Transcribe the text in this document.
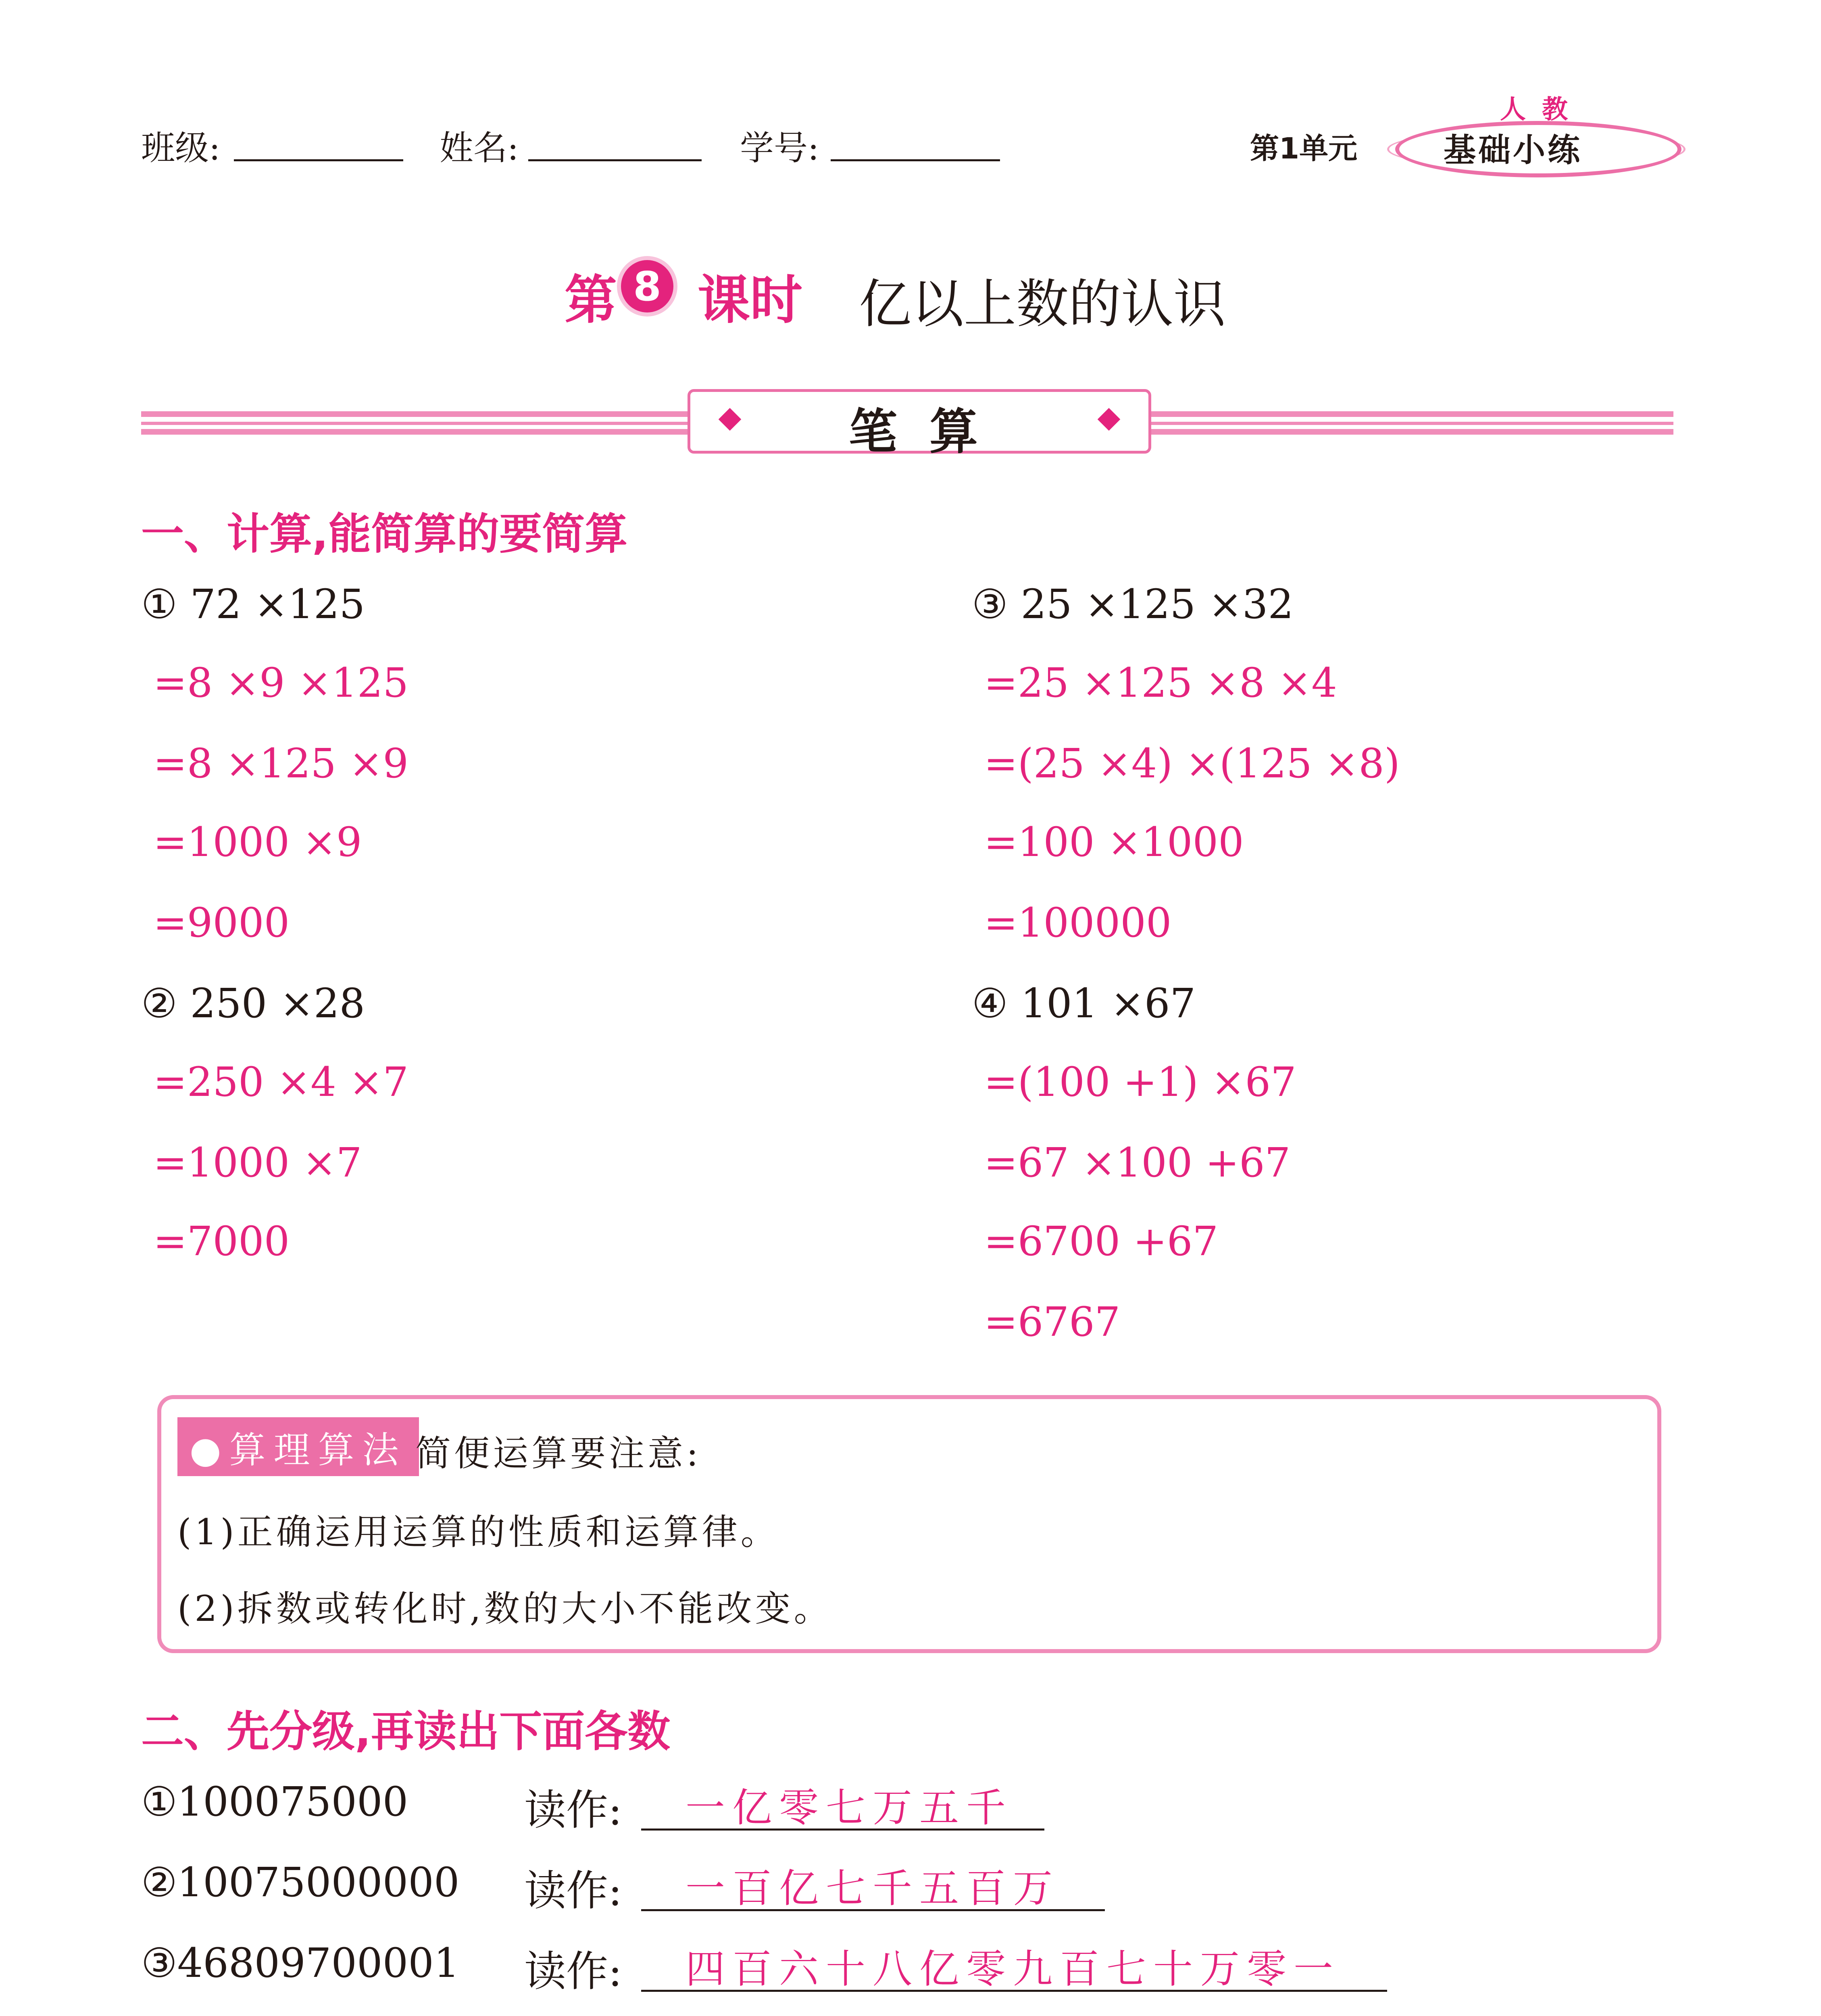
班级:	姓名:	学号:	第1单元	基础小练
人教
第 8 课时 亿以上数的认识
笔算
一、计算,能简算的要简算
① 72 ×125
=8 ×9 ×125
=8 ×125 ×9
=1000 ×9
=9000
② 250 ×28
=250 ×4 ×7
=1000 ×7
=7000
③ 25 ×125 ×32
=25 ×125 ×8 ×4
=(25 ×4) ×(125 ×8)
=100 ×1000
=100000
④ 101 ×67
=(100 +1) ×67
=67 ×100 +67
=6700 +67
=6767
●算理算法 简便运算要注意:
(1)正确运用运算的性质和运算律。
(2)拆数或转化时,数的大小不能改变。
二、先分级,再读出下面各数
①100075000	读作: 一亿零七万五千
②10075000000 读作: 一百亿七千五百万
③46809700001 读作: 四百六十八亿零九百七十万零一
